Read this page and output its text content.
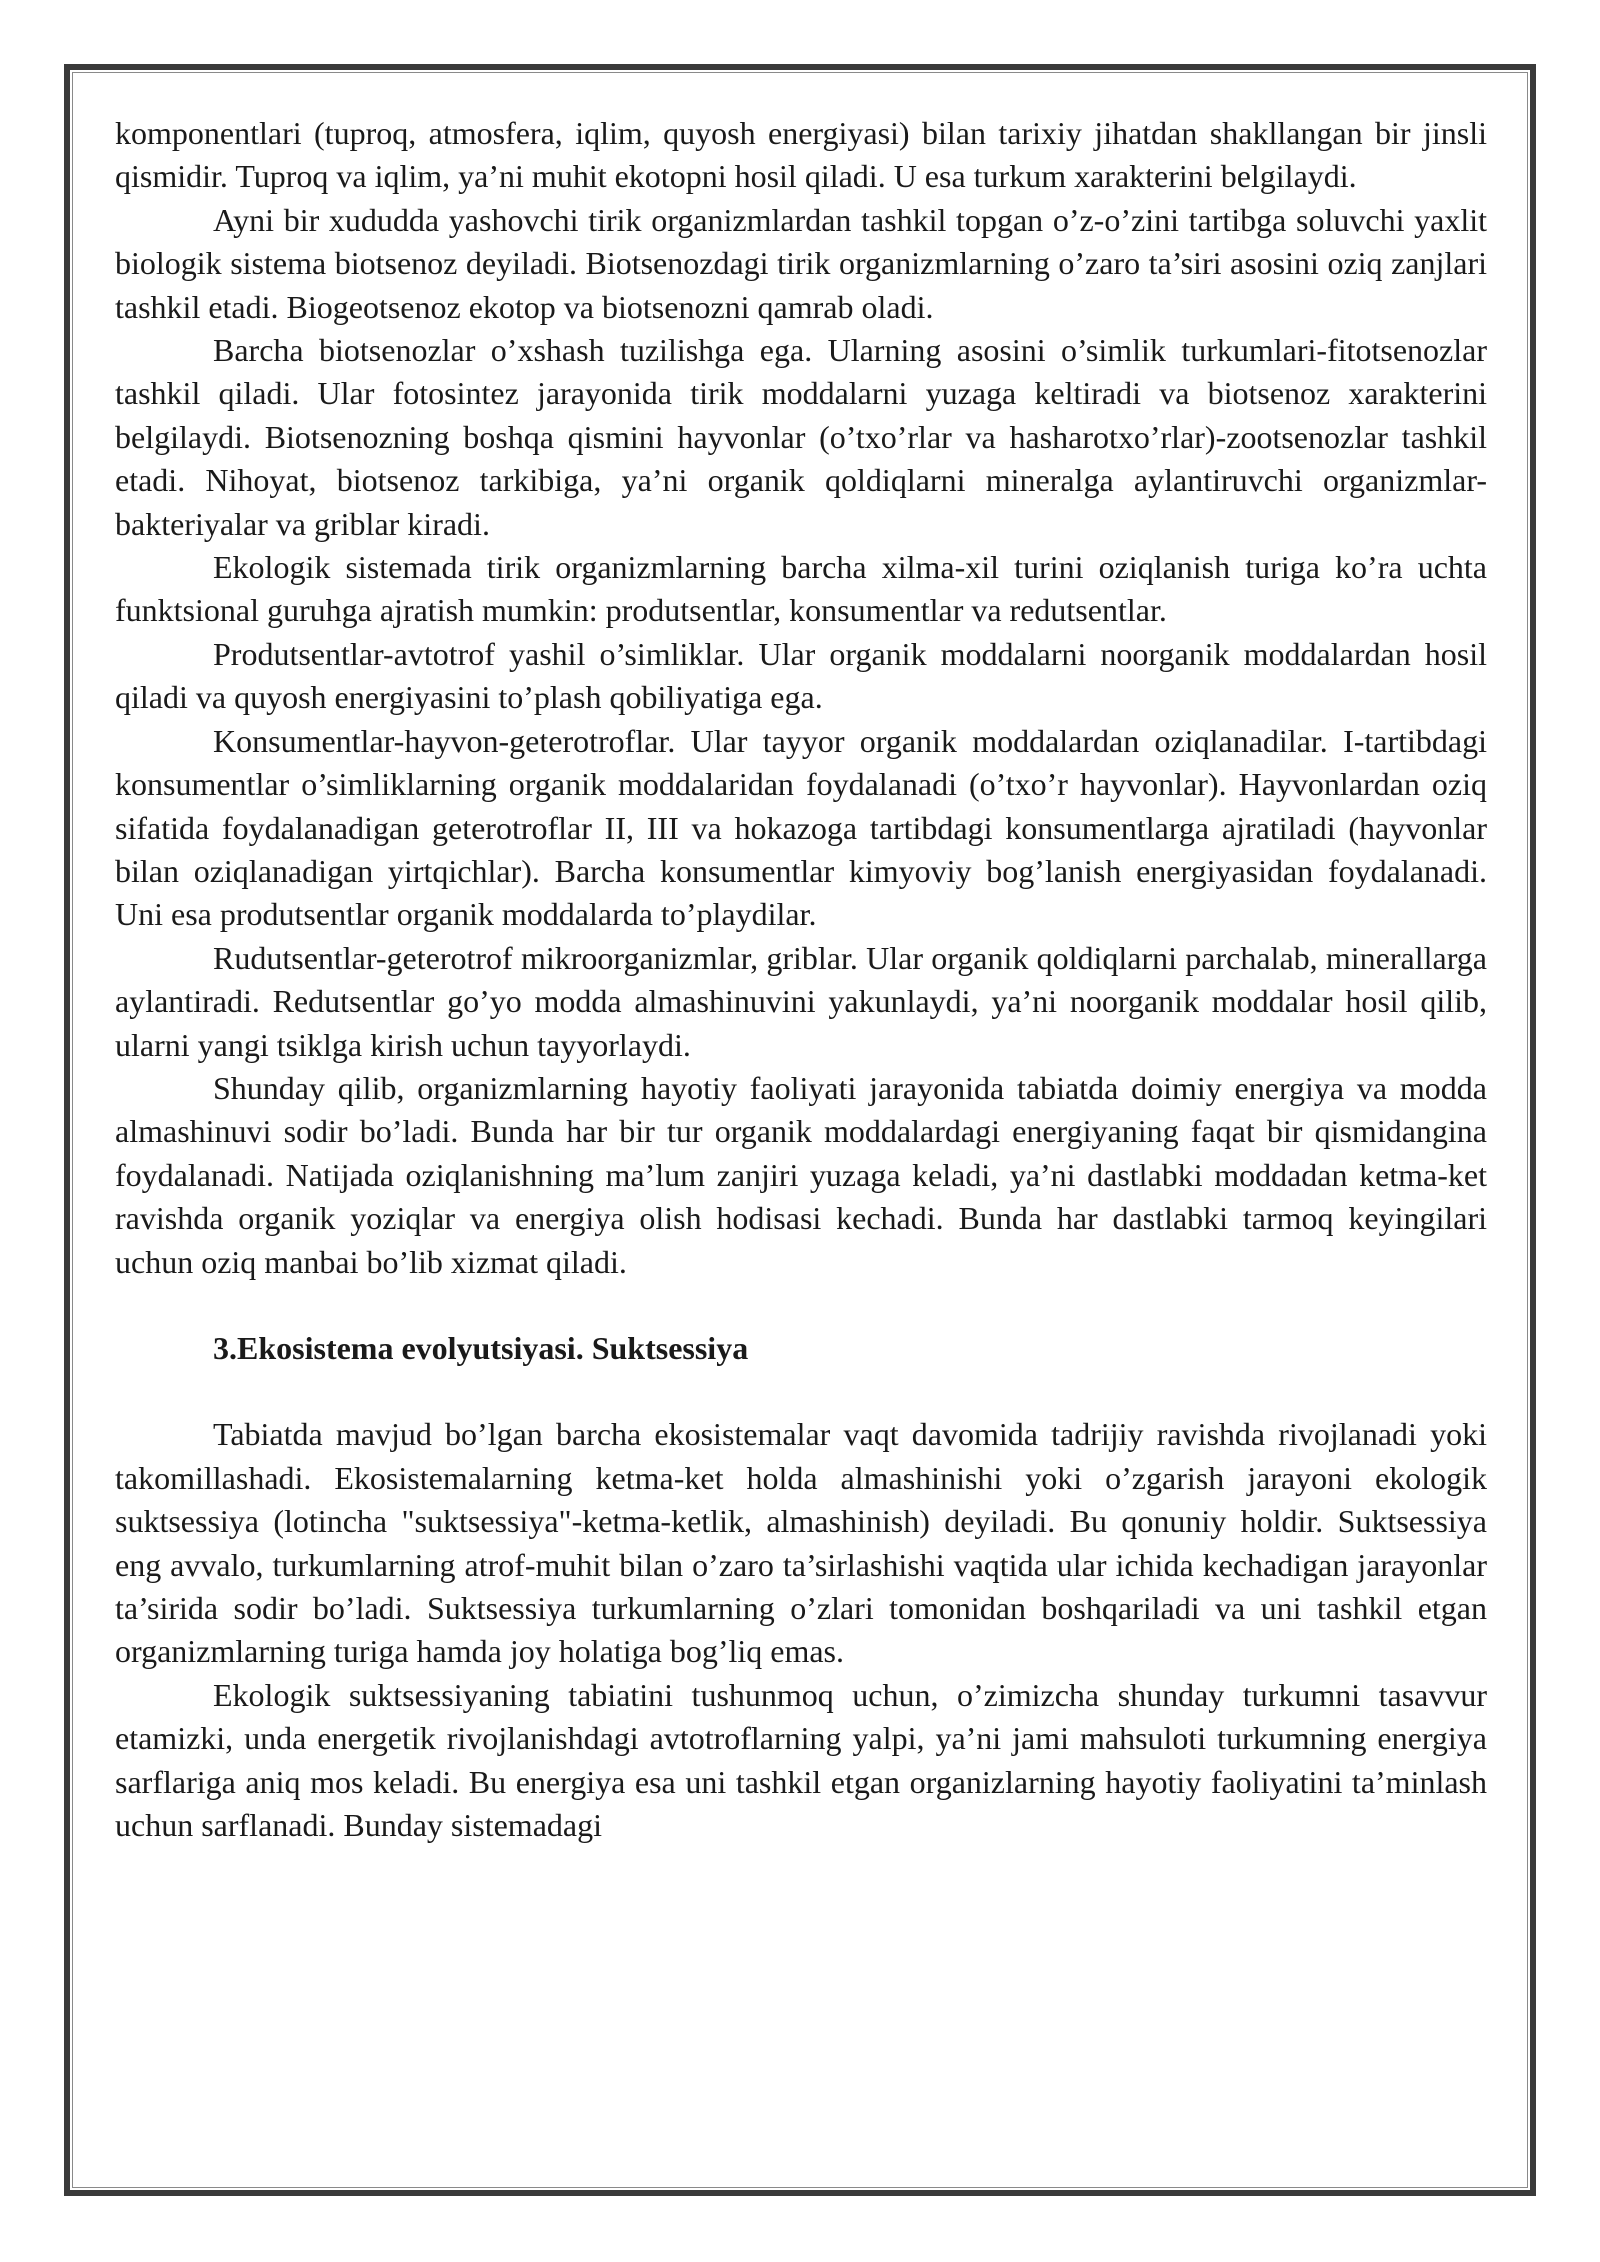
komponentlari (tuproq, atmosfera, iqlim, quyosh energiyasi) bilan tarixiy jihatdan shakllangan bir jinsli qismidir. Tuproq va iqlim, ya’ni muhit ekotopni hosil qiladi. U esa turkum xarakterini belgilaydi.

Ayni bir xududda yashovchi tirik organizmlardan tashkil topgan o’z-o’zini tartibga soluvchi yaxlit biologik sistema biotsenoz deyiladi. Biotsenozdagi tirik organizmlarning o’zaro ta’siri asosini oziq zanjlari tashkil etadi. Biogeotsenoz ekotop va biotsenozni qamrab oladi.

Barcha biotsenozlar o’xshash tuzilishga ega. Ularning asosini o’simlik turkumlari-fitotsenozlar tashkil qiladi. Ular fotosintez jarayonida tirik moddalarni yuzaga keltiradi va biotsenoz xarakterini belgilaydi. Biotsenozning boshqa qismini hayvonlar (o’txo’rlar va hasharotxo’rlar)-zootsenozlar tashkil etadi. Nihoyat, biotsenoz tarkibiga, ya’ni organik qoldiqlarni mineralga aylantiruvchi organizmlar-bakteriyalar va griblar kiradi.

Ekologik sistemada tirik organizmlarning barcha xilma-xil turini oziqlanish turiga ko’ra uchta funktsional guruhga ajratish mumkin: produtsentlar, konsumentlar va redutsentlar.

Produtsentlar-avtotrof yashil o’simliklar. Ular organik moddalarni noorganik moddalardan hosil qiladi va quyosh energiyasini to’plash qobiliyatiga ega.

Konsumentlar-hayvon-geterotroflar. Ular tayyor organik moddalardan oziqlanadilar. I-tartibdagi konsumentlar o’simliklarning organik moddalaridan foydalanadi (o’txo’r hayvonlar). Hayvonlardan oziq sifatida foydalanadigan geterotroflar II, III va hokazoga tartibdagi konsumentlarga ajratiladi (hayvonlar bilan oziqlanadigan yirtqichlar). Barcha konsumentlar kimyoviy bog’lanish energiyasidan foydalanadi. Uni esa produtsentlar organik moddalarda to’playdilar.

Rudutsentlar-geterotrof mikroorganizmlar, griblar. Ular organik qoldiqlarni parchalab, minerallarga aylantiradi. Redutsentlar go’yo modda almashinuvini yakunlaydi, ya’ni noorganik moddalar hosil qilib, ularni yangi tsiklga kirish uchun tayyorlaydi.

Shunday qilib, organizmlarning hayotiy faoliyati jarayonida tabiatda doimiy energiya va modda almashinuvi sodir bo’ladi. Bunda har bir tur organik moddalardagi energiyaning faqat bir qismidangina foydalanadi. Natijada oziqlanishning ma’lum zanjiri yuzaga keladi, ya’ni dastlabki moddadan ketma-ket ravishda organik yoziqlar va energiya olish hodisasi kechadi. Bunda har dastlabki tarmoq keyingilari uchun oziq manbai bo’lib xizmat qiladi.

3.Ekosistema evolyutsiyasi. Suktsessiya

Tabiatda mavjud bo’lgan barcha ekosistemalar vaqt davomida tadrijiy ravishda rivojlanadi yoki takomillashadi. Ekosistemalarning ketma-ket holda almashinishi yoki o’zgarish jarayoni ekologik suktsessiya (lotincha "suktsessiya"-ketma-ketlik, almashinish) deyiladi. Bu qonuniy holdir. Suktsessiya eng avvalo, turkumlarning atrof-muhit bilan o’zaro ta’sirlashishi vaqtida ular ichida kechadigan jarayonlar ta’sirida sodir bo’ladi. Suktsessiya turkumlarning o’zlari tomonidan boshqariladi va uni tashkil etgan organizmlarning turiga hamda joy holatiga bog’liq emas.

Ekologik suktsessiyaning tabiatini tushunmoq uchun, o’zimizcha shunday turkumni tasavvur etamizki, unda energetik rivojlanishdagi avtotroflarning yalpi, ya’ni jami mahsuloti turkumning energiya sarflariga aniq mos keladi. Bu energiya esa uni tashkil etgan organizlarning hayotiy faoliyatini ta’minlash uchun sarflanadi. Bunday sistemadagi
